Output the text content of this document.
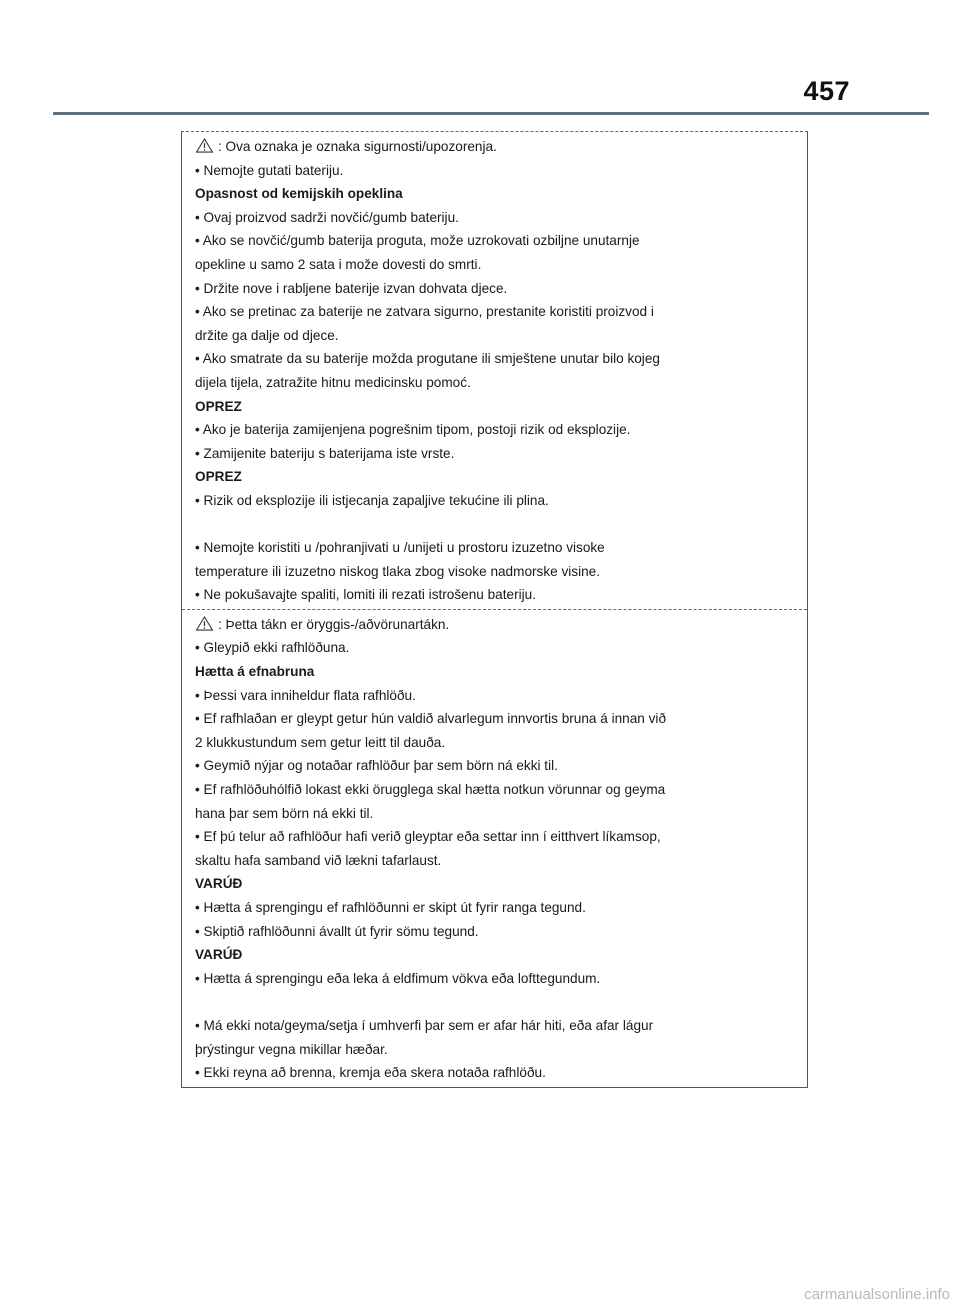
457
: Ova oznaka je oznaka sigurnosti/upozorenja.
• Nemojte gutati bateriju.
Opasnost od kemijskih opeklina
• Ovaj proizvod sadrži novčić/gumb bateriju.
• Ako se novčić/gumb baterija proguta, može uzrokovati ozbiljne unutarnje
opekline u samo 2 sata i može dovesti do smrti.
• Držite nove i rabljene baterije izvan dohvata djece.
• Ako se pretinac za baterije ne zatvara sigurno, prestanite koristiti proizvod i
držite ga dalje od djece.
• Ako smatrate da su baterije možda progutane ili smještene unutar bilo kojeg
dijela tijela, zatražite hitnu medicinsku pomoć.
OPREZ
• Ako je baterija zamijenjena pogrešnim tipom, postoji rizik od eksplozije.
• Zamijenite bateriju s baterijama iste vrste.
OPREZ
• Rizik od eksplozije ili istjecanja zapaljive tekućine ili plina.
• Nemojte koristiti u /pohranjivati u /unijeti u prostoru izuzetno visoke
temperature ili izuzetno niskog tlaka zbog visoke nadmorske visine.
• Ne pokušavajte spaliti, lomiti ili rezati istrošenu bateriju.
: Þetta tákn er öryggis-/aðvörunartákn.
• Gleypið ekki rafhlöðuna.
Hætta á efnabruna
• Þessi vara inniheldur flata rafhlöðu.
• Ef rafhlaðan er gleypt getur hún valdið alvarlegum innvortis bruna á innan við
2 klukkustundum sem getur leitt til dauða.
• Geymið nýjar og notaðar rafhlöður þar sem börn ná ekki til.
• Ef rafhlöðuhólfið lokast ekki örugglega skal hætta notkun vörunnar og geyma
hana þar sem börn ná ekki til.
• Ef þú telur að rafhlöður hafi verið gleyptar eða settar inn í eitthvert líkamsop,
skaltu hafa samband við lækni tafarlaust.
VARÚÐ
• Hætta á sprengingu ef rafhlöðunni er skipt út fyrir ranga tegund.
• Skiptið rafhlöðunni ávallt út fyrir sömu tegund.
VARÚÐ
• Hætta á sprengingu eða leka á eldfimum vökva eða lofttegundum.
• Má ekki nota/geyma/setja í umhverfi þar sem er afar hár hiti, eða afar lágur
þrýstingur vegna mikillar hæðar.
• Ekki reyna að brenna, kremja eða skera notaða rafhlöðu.
carmanualsonline.info
